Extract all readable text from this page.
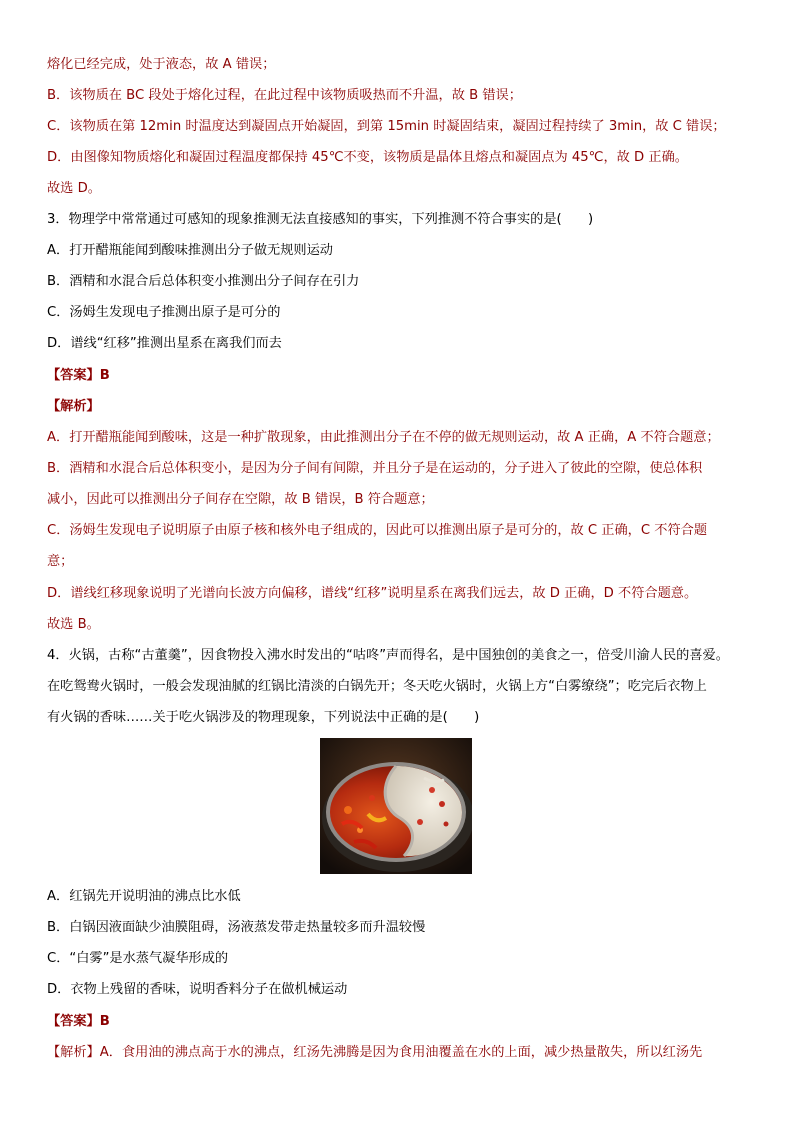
熔化已经完成，处于液态，故 A 错误；
B．该物质在 BC 段处于熔化过程，在此过程中该物质吸热而不升温，故 B 错误；
C．该物质在第 12min 时温度达到凝固点开始凝固，到第 15min 时凝固结束，凝固过程持续了 3min，故 C 错误；
D．由图像知物质熔化和凝固过程温度都保持 45℃不变，该物质是晶体且熔点和凝固点为 45℃，故 D 正确。
故选 D。
3．物理学中常常通过可感知的现象推测无法直接感知的事实，下列推测不符合事实的是(　　)
A．打开醋瓶能闻到酸味推测出分子做无规则运动
B．酒精和水混合后总体积变小推测出分子间存在引力
C．汤姆生发现电子推测出原子是可分的
D．谱线“红移”推测出星系在离我们而去
【答案】B
【解析】
A．打开醋瓶能闻到酸味，这是一种扩散现象，由此推测出分子在不停的做无规则运动，故 A 正确，A 不符合题意；
B．酒精和水混合后总体积变小，是因为分子间有间隙，并且分子是在运动的，分子进入了彼此的空隙，使总体积
减小，因此可以推测出分子间存在空隙，故 B 错误，B 符合题意；
C．汤姆生发现电子说明原子由原子核和核外电子组成的，因此可以推测出原子是可分的，故 C 正确，C 不符合题
意；
D．谱线红移现象说明了光谱向长波方向偏移，谱线“红移”说明星系在离我们远去，故 D 正确，D 不符合题意。
故选 B。
4．火锅，古称“古董羹”，因食物投入沸水时发出的“咕咚”声而得名，是中国独创的美食之一，倍受川渝人民的喜爱。
在吃鸳鸯火锅时，一般会发现油腻的红锅比清淡的白锅先开；冬天吃火锅时，火锅上方“白雾缭绕”；吃完后衣物上
有火锅的香味……关于吃火锅涉及的物理现象，下列说法中正确的是(　　)
A．红锅先开说明油的沸点比水低
B．白锅因液面缺少油膜阻碍，汤液蒸发带走热量较多而升温较慢
C．“白雾”是水蒸气凝华形成的
D．衣物上残留的香味，说明香料分子在做机械运动
【答案】B
【解析】A．食用油的沸点高于水的沸点，红汤先沸腾是因为食用油覆盖在水的上面，减少热量散失，所以红汤先
